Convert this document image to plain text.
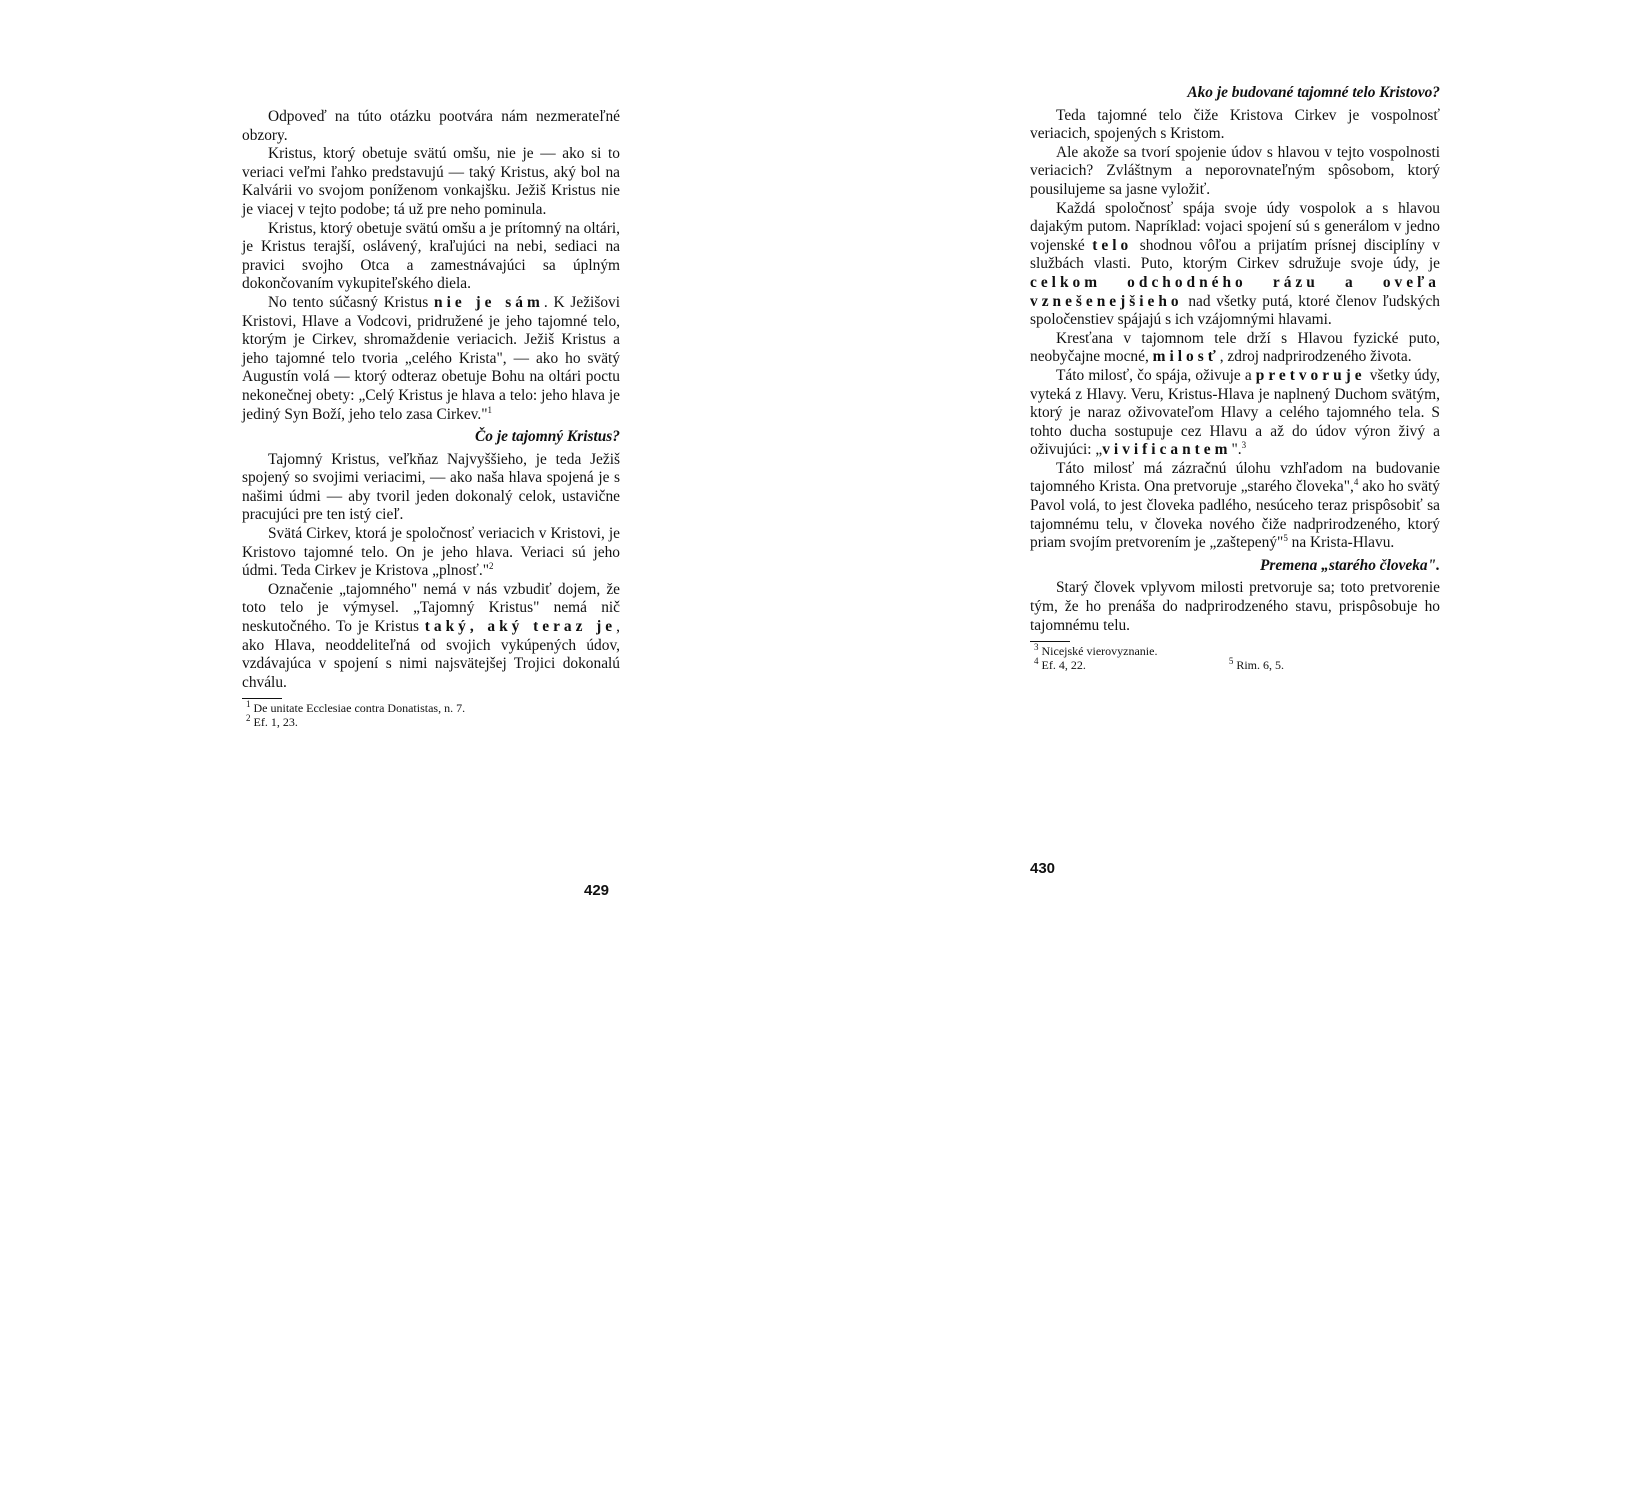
Odpoveď na túto otázku pootvára nám nezmerateľné obzory.

Kristus, ktorý obetuje svätú omšu, nie je — ako si to veriaci veľmi ľahko predstavujú — taký Kristus, aký bol na Kalvárii vo svojom poníženom vonkajšku. Ježiš Kristus nie je viacej v tejto podobe; tá už pre neho pominula.

Kristus, ktorý obetuje svätú omšu a je prítomný na oltári, je Kristus terajší, oslávený, kraľujúci na nebi, sediaci na pravici svojho Otca a zamestnávajúci sa úplným dokončovaním vykupiteľského diela.

No tento súčasný Kristus nie je sám. K Ježišovi Kristovi, Hlave a Vodcovi, pridružené je jeho tajomné telo, ktorým je Cirkev, shromaždenie veriacich. Ježiš Kristus a jeho tajomné telo tvoria „celého Krista", — ako ho svätý Augustín volá — ktorý odteraz obetuje Bohu na oltári poctu nekonečnej obety: „Celý Kristus je hlava a telo: jeho hlava je jediný Syn Boží, jeho telo zasa Cirkev."$^1$

Čo je tajomný Kristus?

Tajomný Kristus, veľkňaz Najvyššieho, je teda Ježiš spojený so svojimi veriacimi, — ako naša hlava spojená je s našimi údmi — aby tvoril jeden dokonalý celok, ustavične pracujúci pre ten istý cieľ.

Svätá Cirkev, ktorá je spoločnosť veriacich v Kristovi, je Kristovo tajomné telo. On je jeho hlava. Veriaci sú jeho údmi. Teda Cirkev je Kristova „plnosť."$^2$

Označenie „tajomného" nemá v nás vzbudiť dojem, že toto telo je výmysel. „Tajomný Kristus" nemá nič neskutočného. To je Kristus taký, aký teraz je, ako Hlava, neoddeliteľná od svojich vykúpených údov, vzdávajúca v spojení s nimi najsvätejšej Trojici dokonalú chválu.

$^1$ De unitate Ecclesiae contra Donatistas, n. 7.

$^2$ Ef. 1, 23.

429
Ako je budované tajomné telo Kristovo?

Teda tajomné telo čiže Kristova Cirkev je vospolnosť veriacich, spojených s Kristom.

Ale akože sa tvorí spojenie údov s hlavou v tejto vospolnosti veriacich? Zvláštnym a neporovnateľným spôsobom, ktorý pousilujeme sa jasne vyložiť.

Každá spoločnosť spája svoje údy vospolok a s hlavou dajakým putom. Napríklad: vojaci spojení sú s generálom v jedno vojenské telo shodnou vôľou a prijatím prísnej disciplíny v službách vlasti. Puto, ktorým Cirkev sdružuje svoje údy, je celkom odchodného rázu a oveľa vznešenejšieho nad všetky putá, ktoré členov ľudských spoločenstiev spájajú s ich vzájomnými hlavami.

Kresťana v tajomnom tele drží s Hlavou fyzické puto, neobyčajne mocné, milosť, zdroj nadprirodzeného života.

Táto milosť, čo spája, oživuje a pretvoruje všetky údy, vyteká z Hlavy. Veru, Kristus-Hlava je naplnený Duchom svätým, ktorý je naraz oživovateľom Hlavy a celého tajomného tela. S tohto ducha sostupuje cez Hlavu a až do údov výron živý a oživujúci: „vivificantem".$^3$

Táto milosť má zázračnú úlohu vzhľadom na budovanie tajomného Krista. Ona pretvoruje „starého človeka",$^4$ ako ho svätý Pavol volá, to jest človeka padlého, nesúceho teraz prispôsobiť sa tajomnému telu, v človeka nového čiže nadprirodzeného, ktorý priam svojím pretvorením je „zaštepený"$^5$ na Krista-Hlavu.

Premena „starého človeka".

Starý človek vplyvom milosti pretvoruje sa; toto pretvorenie tým, že ho prenáša do nadprirodzeného stavu, prispôsobuje ho tajomnému telu.

$^3$ Nicejské vierovyznanie.

$^4$ Ef. 4, 22.	$^5$ Rim. 6, 5.
430
